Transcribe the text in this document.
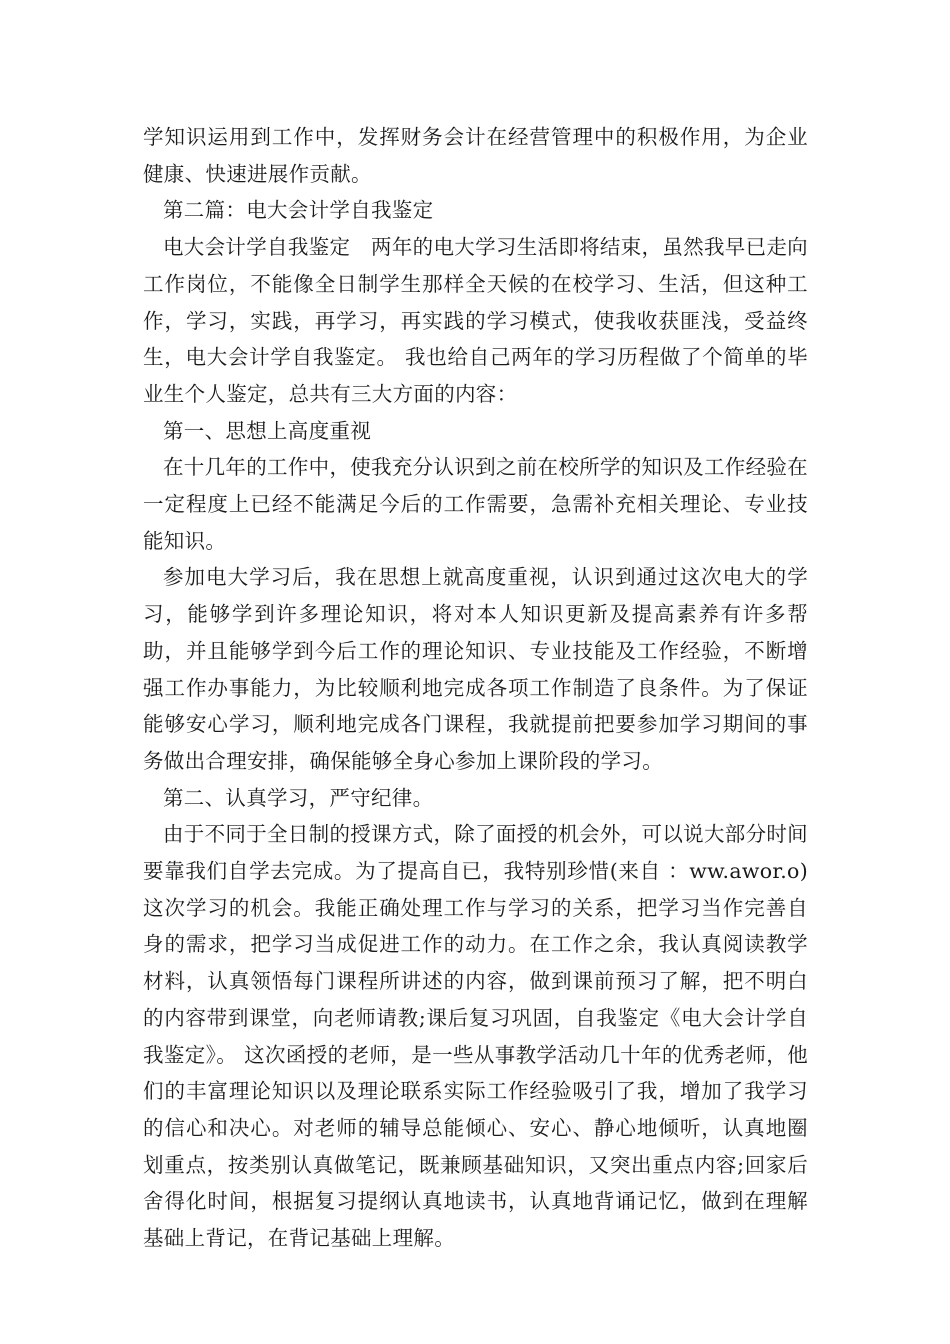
学知识运用到工作中，发挥财务会计在经营管理中的积极作用，为企业健康、快速进展作贡献。

第二篇：电大会计学自我鉴定

电大会计学自我鉴定　两年的电大学习生活即将结束，虽然我早已走向工作岗位，不能像全日制学生那样全天候的在校学习、生活，但这种工作，学习，实践，再学习，再实践的学习模式，使我收获匪浅，受益终生，电大会计学自我鉴定。 我也给自己两年的学习历程做了个简单的毕业生个人鉴定，总共有三大方面的内容：

第一、思想上高度重视

在十几年的工作中，使我充分认识到之前在校所学的知识及工作经验在一定程度上已经不能满足今后的工作需要，急需补充相关理论、专业技能知识。

参加电大学习后，我在思想上就高度重视，认识到通过这次电大的学习，能够学到许多理论知识，将对本人知识更新及提高素养有许多帮助，并且能够学到今后工作的理论知识、专业技能及工作经验，不断增强工作办事能力，为比较顺利地完成各项工作制造了良条件。为了保证能够安心学习，顺利地完成各门课程，我就提前把要参加学习期间的事务做出合理安排，确保能够全身心参加上课阶段的学习。

第二、认真学习，严守纪律。

由于不同于全日制的授课方式，除了面授的机会外，可以说大部分时间要靠我们自学去完成。为了提高自已，我特别珍惜(来自 ：ww.awor.o)这次学习的机会。我能正确处理工作与学习的关系，把学习当作完善自身的需求，把学习当成促进工作的动力。在工作之余，我认真阅读教学材料，认真领悟每门课程所讲述的内容，做到课前预习了解，把不明白的内容带到课堂，向老师请教;课后复习巩固，自我鉴定《电大会计学自我鉴定》。 这次函授的老师，是一些从事教学活动几十年的优秀老师，他们的丰富理论知识以及理论联系实际工作经验吸引了我，增加了我学习的信心和决心。对老师的辅导总能倾心、安心、静心地倾听，认真地圈划重点，按类别认真做笔记，既兼顾基础知识，又突出重点内容;回家后舍得化时间，根据复习提纲认真地读书，认真地背诵记忆，做到在理解基础上背记，在背记基础上理解。
